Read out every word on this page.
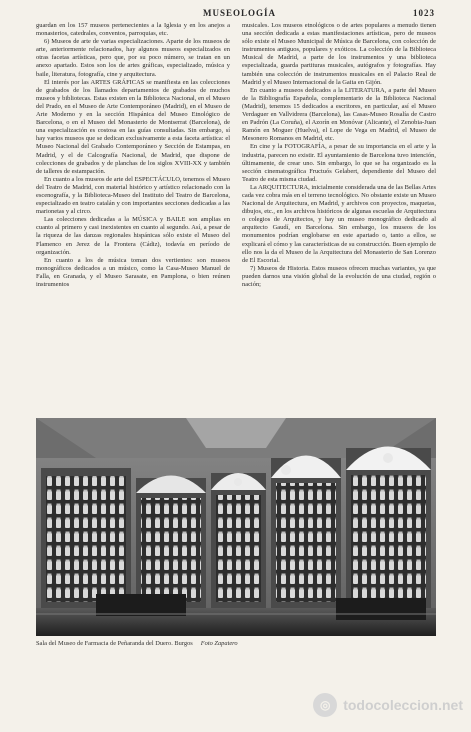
MUSEOLOGÍA	1023

guardan en los 157 museos pertenecientes a la Iglesia y en los anejos a monasterios, catedrales, conventos, parroquias, etc.

6) Museos de arte de varias especializaciones. Aparte de los museos de arte, anteriormente relacionados, hay algunos museos especializados en otras facetas artísticas, pero que, por su poco número, se tratan en un anexo apartado. Estos son los de artes gráficas, especializado, música y baile, literatura, fotografía, cine y arquitectura.

El interés por las ARTES GRÁFICAS se manifiesta en las colecciones de grabados de los llamados departamentos de grabados de muchos museos y bibliotecas. Estas existen en la Biblioteca Nacional, en el Museo del Prado, en el Museo de Arte Contemporáneo (Madrid), en el Museo de Arte Moderno y en la sección Hispánica del Museo Etnológico de Barcelona, o en el Museo del Monasterio de Montserrat (Barcelona), de una especialización es costosa en las guías consultadas. Sin embargo, sí hay varios museos que se dedican exclusivamente a esta faceta artística: el Museo Nacional del Grabado Contemporáneo y Sección de Estampas, en Madrid, y el de Calcografía Nacional, de Madrid, que dispone de colecciones de grabados y de planchas de los siglos XVIII-XX y también de talleres de estampación.

En cuanto a los museos de arte del ESPECTÁCULO, tenemos el Museo del Teatro de Madrid, con material histórico y artístico relacionado con la escenografía, y la Biblioteca-Museo del Instituto del Teatro de Barcelona, especializado en teatro catalán y con importantes secciones dedicadas a las marionetas y al circo.

Las colecciones dedicadas a la MÚSICA y BAILE son amplias en cuanto al primero y casi inexistentes en cuanto al segundo. Así, a pesar de la riqueza de las danzas regionales hispánicas sólo existe el Museo del Flamenco en Jerez de la Frontera (Cádiz), todavía en período de organización.

En cuanto a los de música toman dos vertientes: son museos monográficos dedicados a un músico, como la Casa-Museo Manuel de Falla, en Granada, y el Museo Sarasate, en Pamplona, o bien reúnen instrumentos

musicales. Los museos etnológicos o de artes populares a menudo tienen una sección dedicada a estas manifestaciones artísticas, pero de museos sólo existe el Museo Municipal de Música de Barcelona, con colección de instrumentos antiguos, populares y exóticos. La colección de la Biblioteca Musical de Madrid, a parte de los instrumentos y una biblioteca especializada, guarda partituras musicales, autógrafos y fotografías. Hay también una colección de instrumentos musicales en el Palacio Real de Madrid y el Museo Internacional de la Gaita en Gijón.

En cuanto a museos dedicados a la LITERATURA, a parte del Museo de la Bibliografía Española, complementario de la Biblioteca Nacional (Madrid), tenemos 15 dedicados a escritores, en particular, así el Museo Verdaguer en Vallvidrera (Barcelona), las Casas-Museo Rosalía de Castro en Padrón (La Coruña), el Azorín en Monóvar (Alicante), el Zenobia-Juan Ramón en Moguer (Huelva), el Lope de Vega en Madrid, el Museo de Mesonero Romanos en Madrid, etc.

En cine y la FOTOGRAFÍA, a pesar de su importancia en el arte y la industria, parecen no existir. El ayuntamiento de Barcelona tuvo intención, últimamente, de crear uno. Sin embargo, lo que se ha organizado es la sección cinematográfica Fructuós Gelabert, dependiente del Museo del Teatro de esta misma ciudad.

La ARQUITECTURA, inicialmente considerada una de las Bellas Artes cada vez cobra más en el terreno tecnológico. No obstante existe un Museo Nacional de Arquitectura, en Madrid, y archivos con proyectos, maquetas, dibujos, etc., en los archivos históricos de algunas escuelas de Arquitectura o colegios de Arquitectos, y hay un museo monográfico dedicado al arquitecto Gaudí, en Barcelona. Sin embargo, los museos de los monumentos podrían englobarse en este apartado o, tanto a ellos, se explicará el cómo y las características de su construcción. Buen ejemplo de ello nos la da el Museo de la Arquitectura del Monasterio de San Lorenzo de El Escorial.

7) Museos de Historia. Estos museos ofrecen muchas variantes, ya que pueden darnos una visión global de la evolución de una ciudad, región o nación;

Sala del Museo de Farmacia de Peñaranda del Duero. Burgos Foto Zapatero
◎ todocoleccion.net
